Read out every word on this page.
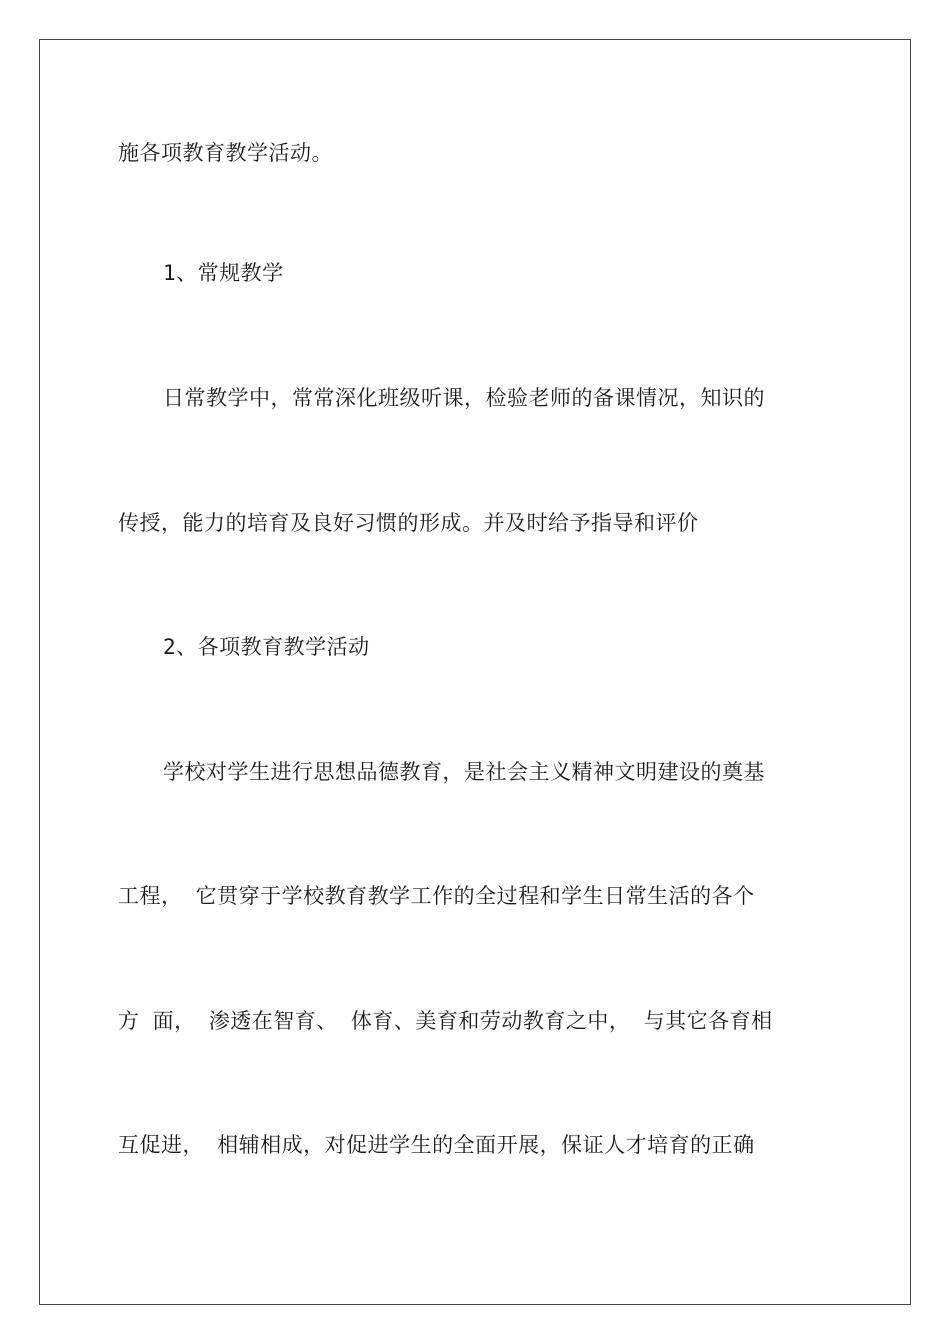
施各项教育教学活动。
1、常规教学
日常教学中，常常深化班级听课，检验老师的备课情况，知识的
传授，能力的培育及良好习惯的形成。并及时给予指导和评价
2、各项教育教学活动
学校对学生进行思想品德教育，是社会主义精神文明建设的奠基
工程， 它贯穿于学校教育教学工作的全过程和学生日常生活的各个
方 面， 渗透在智育、 体育、美育和劳动教育之中， 与其它各育相
互促进， 相辅相成，对促进学生的全面开展，保证人才培育的正确
